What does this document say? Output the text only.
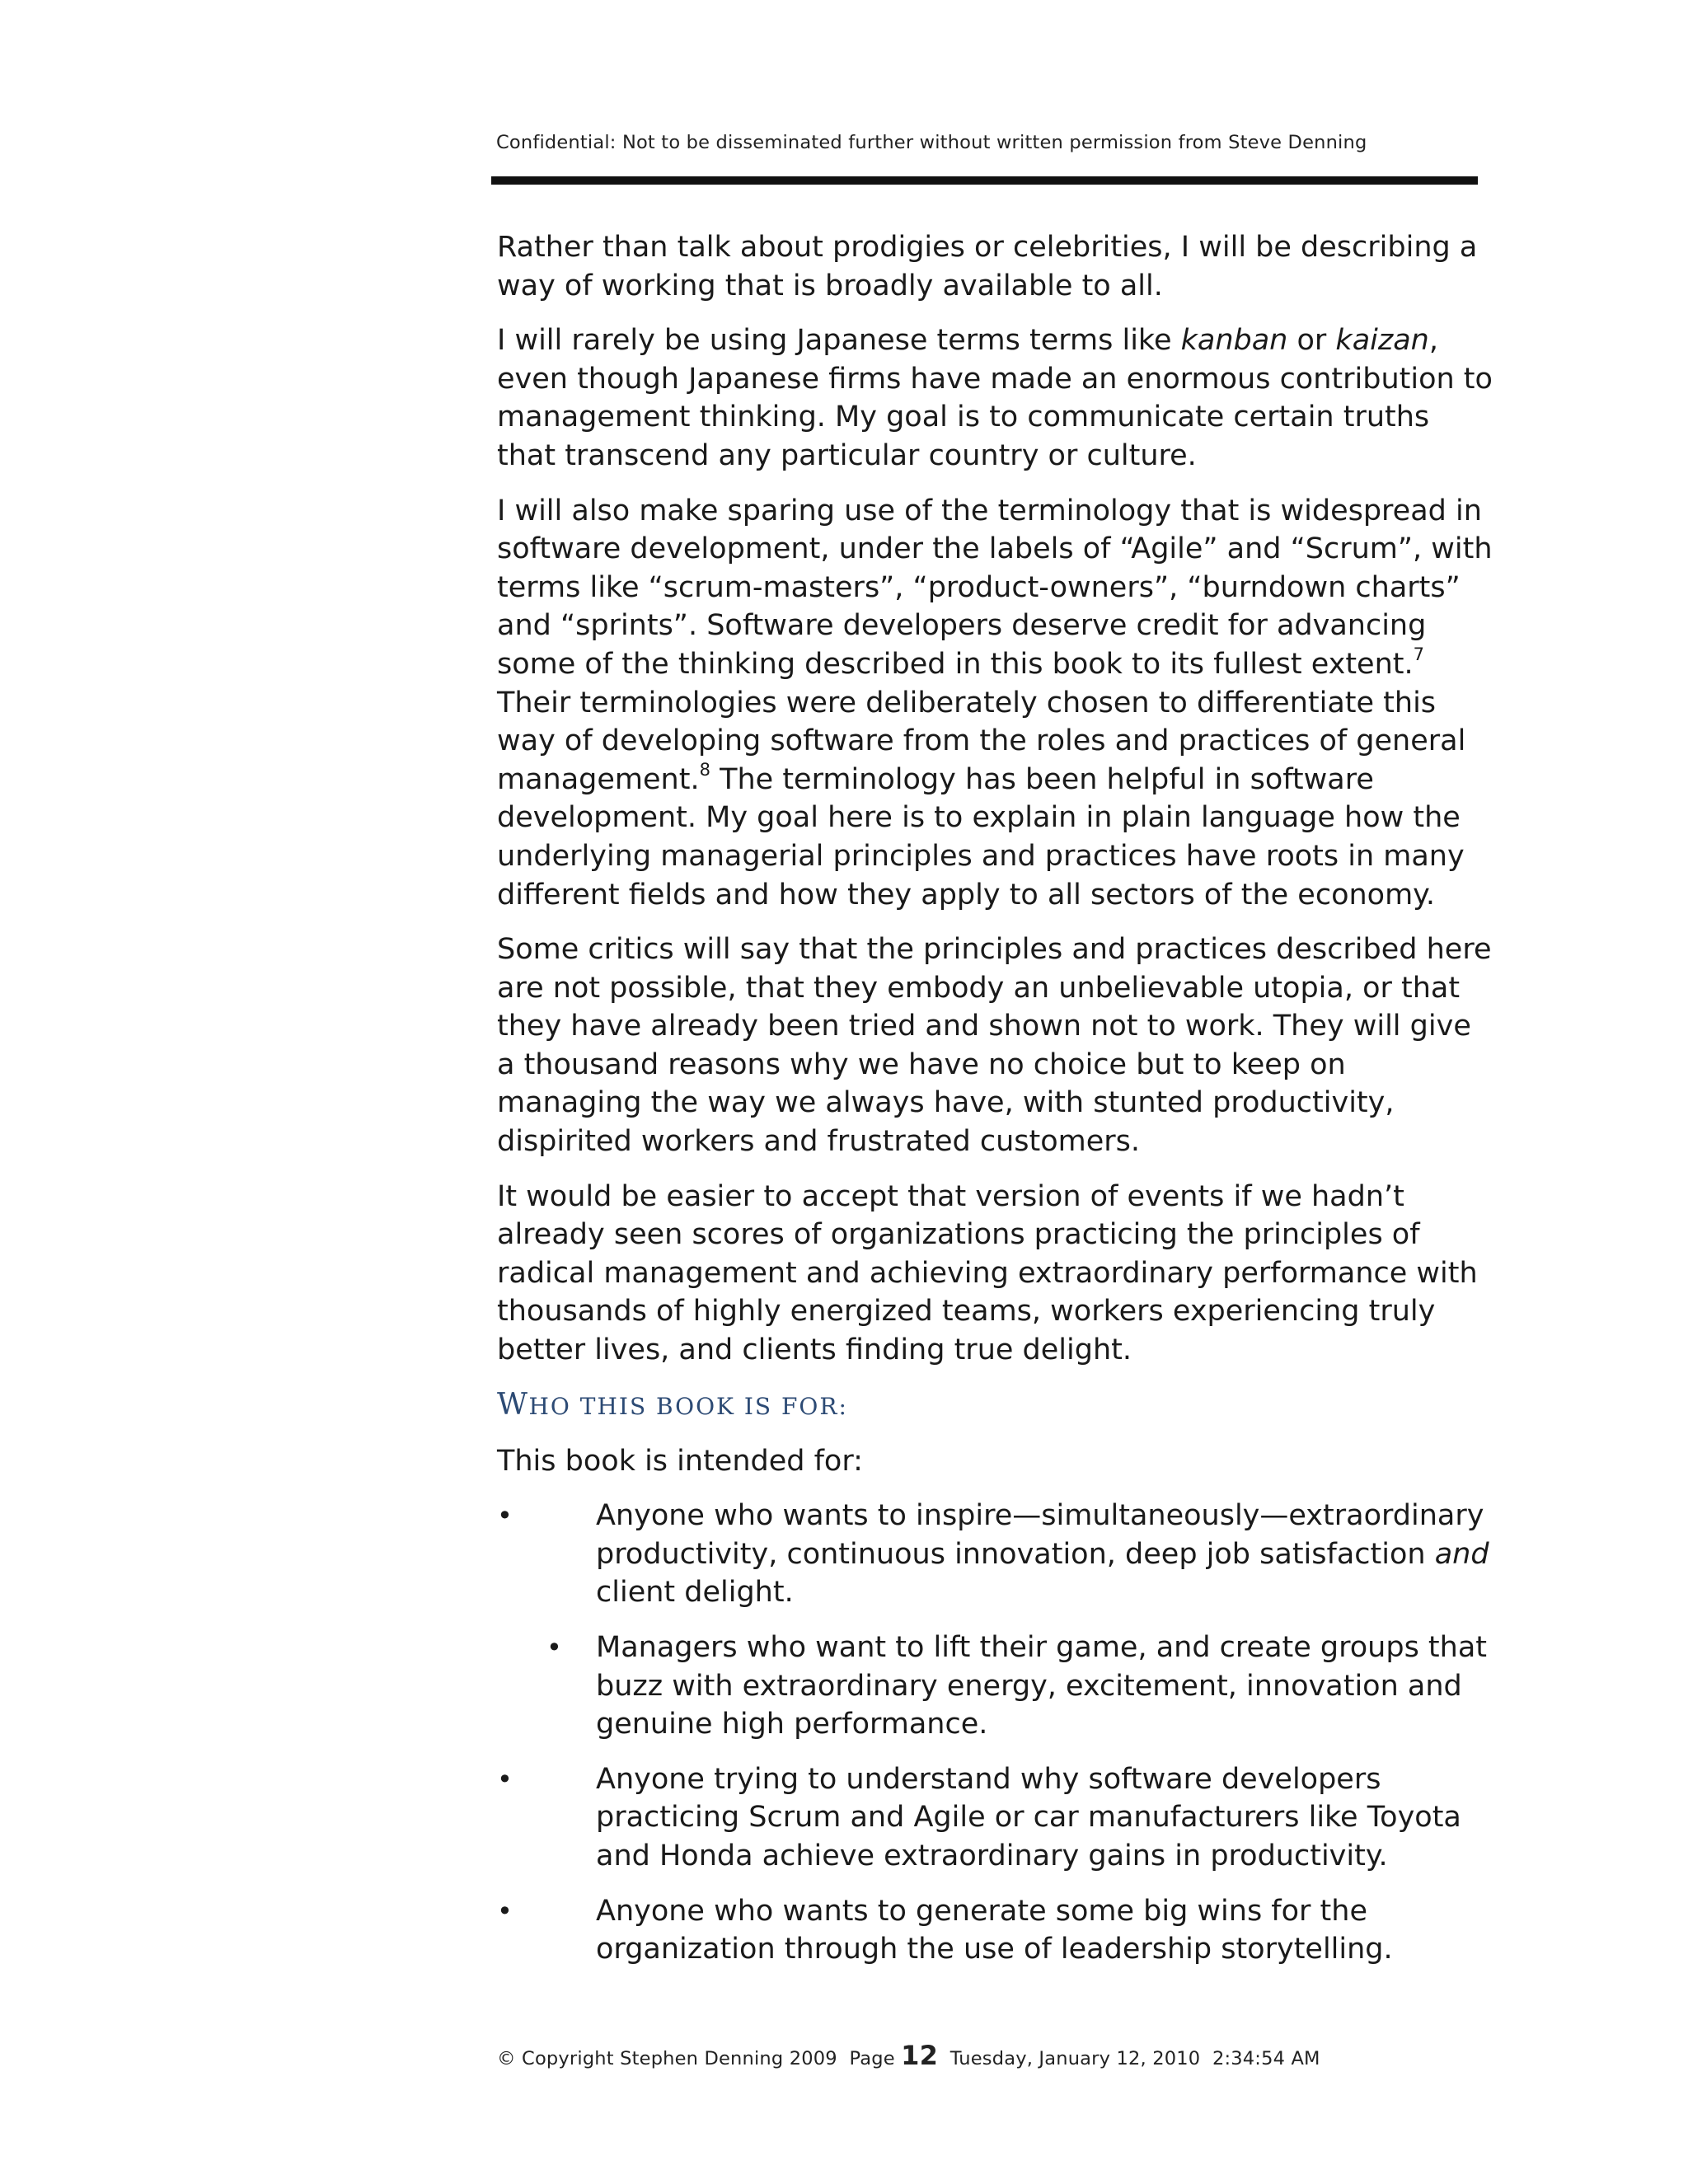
Confidential: Not to be disseminated further without written permission from Steve Denning

Rather than talk about prodigies or celebrities, I will be describing a way of working that is broadly available to all.

I will rarely be using Japanese terms terms like kanban or kaizan, even though Japanese firms have made an enormous contribution to management thinking. My goal is to communicate certain truths that transcend any particular country or culture.

I will also make sparing use of the terminology that is widespread in software development, under the labels of “Agile” and “Scrum”, with terms like “scrum-masters”, “product-owners”, “burndown charts” and “sprints”. Software developers deserve credit for advancing some of the thinking described in this book to its fullest extent.$^7$ Their terminologies were deliberately chosen to differentiate this way of developing software from the roles and practices of general management.$^8$ The terminology has been helpful in software development. My goal here is to explain in plain language how the underlying managerial principles and practices have roots in many different fields and how they apply to all sectors of the economy.

Some critics will say that the principles and practices described here are not possible, that they embody an unbelievable utopia, or that they have already been tried and shown not to work. They will give a thousand reasons why we have no choice but to keep on managing the way we always have, with stunted productivity, dispirited workers and frustrated customers.

It would be easier to accept that version of events if we hadn’t already seen scores of organizations practicing the principles of radical management and achieving extraordinary performance with thousands of highly energized teams, workers experiencing truly better lives, and clients finding true delight.

WHO THIS BOOK IS FOR:

This book is intended for:

•	Anyone who wants to inspire—simultaneously—extraordinary productivity, continuous innovation, deep job satisfaction and client delight.
• Managers who want to lift their game, and create groups that buzz with extraordinary energy, excitement, innovation and genuine high performance.
•	Anyone trying to understand why software developers practicing Scrum and Agile or car manufacturers like Toyota and Honda achieve extraordinary gains in productivity.
•	Anyone who wants to generate some big wins for the organization through the use of leadership storytelling.
© Copyright Stephen Denning 2009  Page 12  Tuesday, January 12, 2010  2:34:54 AM
